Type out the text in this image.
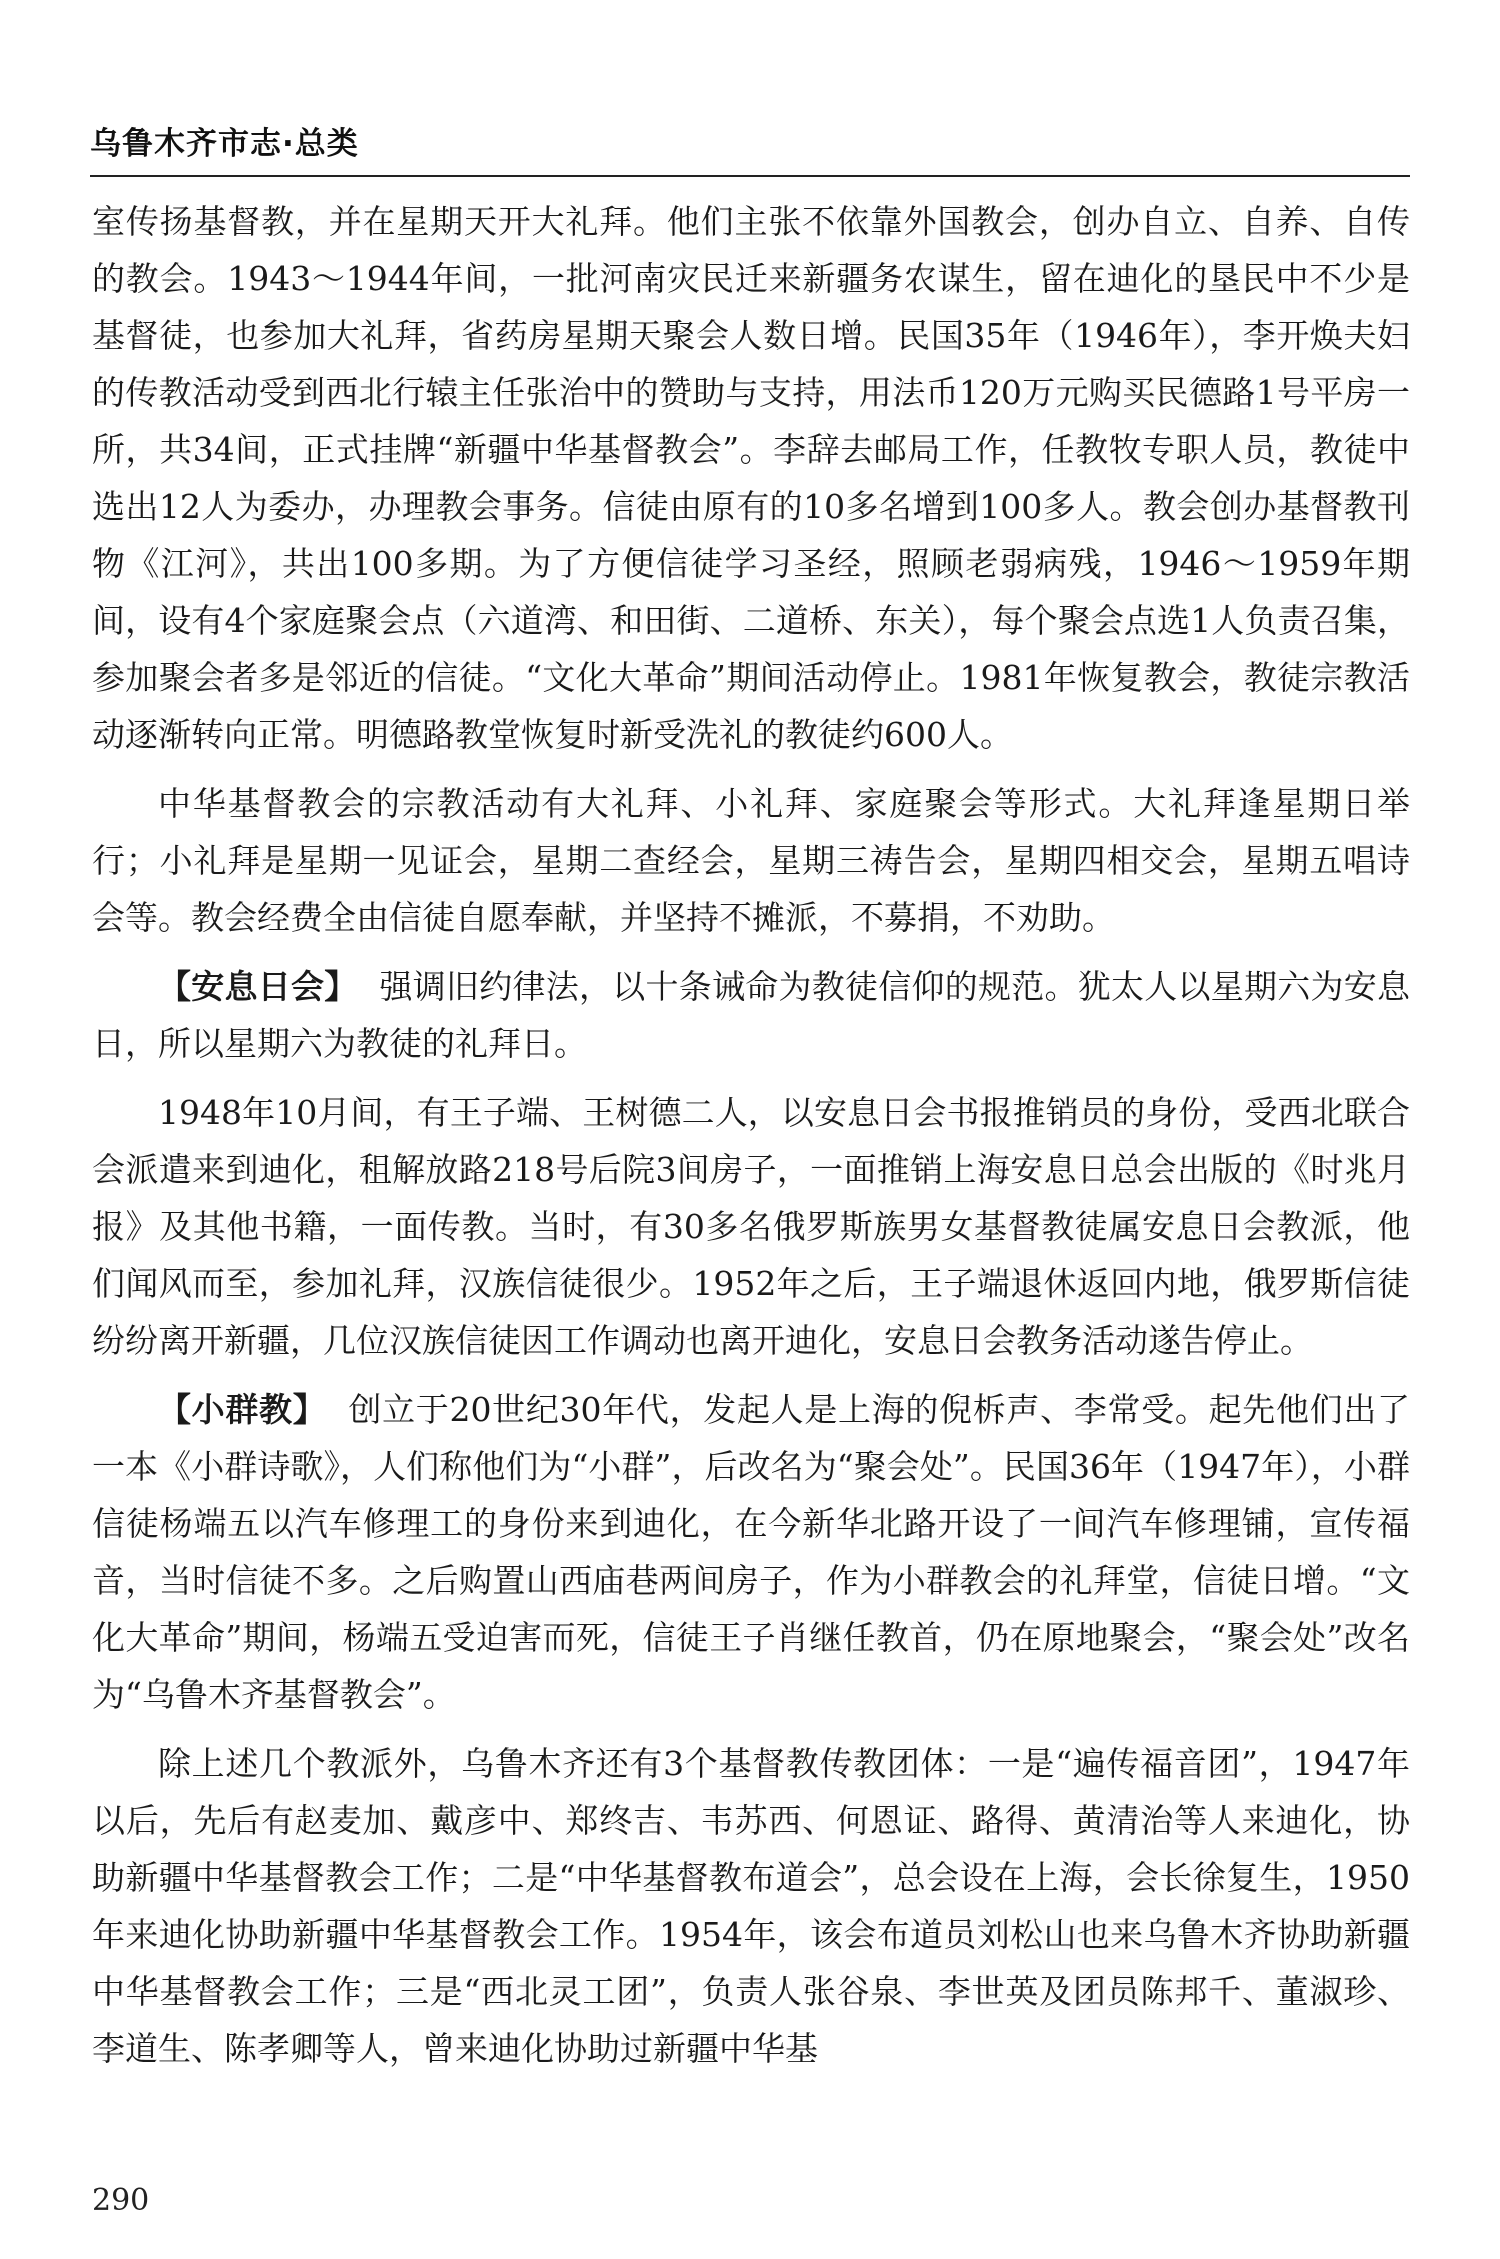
乌鲁木齐市志·总类

室传扬基督教，并在星期天开大礼拜。他们主张不依靠外国教会，创办自立、自养、自传的教会。1943～1944年间，一批河南灾民迁来新疆务农谋生，留在迪化的垦民中不少是基督徒，也参加大礼拜，省药房星期天聚会人数日增。民国35年（1946年），李开焕夫妇的传教活动受到西北行辕主任张治中的赞助与支持，用法币120万元购买民德路1号平房一所，共34间，正式挂牌“新疆中华基督教会”。李辞去邮局工作，任教牧专职人员，教徒中选出12人为委办，办理教会事务。信徒由原有的10多名增到100多人。教会创办基督教刊物《江河》，共出100多期。为了方便信徒学习圣经，照顾老弱病残，1946～1959年期间，设有4个家庭聚会点（六道湾、和田街、二道桥、东关），每个聚会点选1人负责召集，参加聚会者多是邻近的信徒。“文化大革命”期间活动停止。1981年恢复教会，教徒宗教活动逐渐转向正常。明德路教堂恢复时新受洗礼的教徒约600人。

中华基督教会的宗教活动有大礼拜、小礼拜、家庭聚会等形式。大礼拜逢星期日举行；小礼拜是星期一见证会，星期二查经会，星期三祷告会，星期四相交会，星期五唱诗会等。教会经费全由信徒自愿奉献，并坚持不摊派，不募捐，不劝助。

【安息日会】 强调旧约律法，以十条诫命为教徒信仰的规范。犹太人以星期六为安息日，所以星期六为教徒的礼拜日。

1948年10月间，有王子端、王树德二人，以安息日会书报推销员的身份，受西北联合会派遣来到迪化，租解放路218号后院3间房子，一面推销上海安息日总会出版的《时兆月报》及其他书籍，一面传教。当时，有30多名俄罗斯族男女基督教徒属安息日会教派，他们闻风而至，参加礼拜，汉族信徒很少。1952年之后，王子端退休返回内地，俄罗斯信徒纷纷离开新疆，几位汉族信徒因工作调动也离开迪化，安息日会教务活动遂告停止。

【小群教】 创立于20世纪30年代，发起人是上海的倪柝声、李常受。起先他们出了一本《小群诗歌》，人们称他们为“小群”，后改名为“聚会处”。民国36年（1947年），小群信徒杨端五以汽车修理工的身份来到迪化，在今新华北路开设了一间汽车修理铺，宣传福音，当时信徒不多。之后购置山西庙巷两间房子，作为小群教会的礼拜堂，信徒日增。“文化大革命”期间，杨端五受迫害而死，信徒王子肖继任教首，仍在原地聚会，“聚会处”改名为“乌鲁木齐基督教会”。

除上述几个教派外，乌鲁木齐还有3个基督教传教团体：一是“遍传福音团”，1947年以后，先后有赵麦加、戴彦中、郑终吉、韦苏西、何恩证、路得、黄清治等人来迪化，协助新疆中华基督教会工作；二是“中华基督教布道会”，总会设在上海，会长徐复生，1950年来迪化协助新疆中华基督教会工作。1954年，该会布道员刘松山也来乌鲁木齐协助新疆中华基督教会工作；三是“西北灵工团”，负责人张谷泉、李世英及团员陈邦千、董淑珍、李道生、陈孝卿等人，曾来迪化协助过新疆中华基

290
